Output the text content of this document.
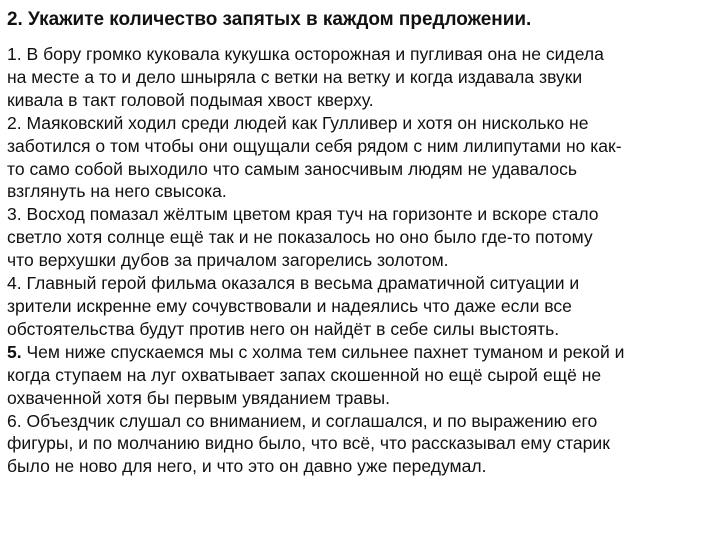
2. Укажите количество запятых в каждом предложении.
1. В бору громко куковала кукушка осторожная и пугливая она не сидела
на месте а то и дело шныряла с ветки на ветку и когда издавала звуки
кивала в такт головой подымая хвост кверху.
2. Маяковский ходил среди людей как Гулливер и хотя он нисколько не
заботился о том чтобы они ощущали себя рядом с ним лилипутами но как-
то само собой выходило что самым заносчивым людям не удавалось
взглянуть на него свысока.
3. Восход помазал жёлтым цветом края туч на горизонте и вскоре стало
светло хотя солнце ещё так и не показалось но оно было где-то потому
что верхушки дубов за причалом загорелись золотом.
4. Главный герой фильма оказался в весьма драматичной ситуации и
зрители искренне ему сочувствовали и надеялись что даже если все
обстоятельства будут против него он найдёт в себе силы выстоять.
5. Чем ниже спускаемся мы с холма тем сильнее пахнет туманом и рекой и
когда ступаем на луг охватывает запах скошенной но ещё сырой ещё не
охваченной хотя бы первым увяданием травы.
6. Объездчик слушал со вниманием, и соглашался, и по выражению его
фигуры, и по молчанию видно было, что всё, что рассказывал ему старик
было не ново для него, и что это он давно уже передумал.
